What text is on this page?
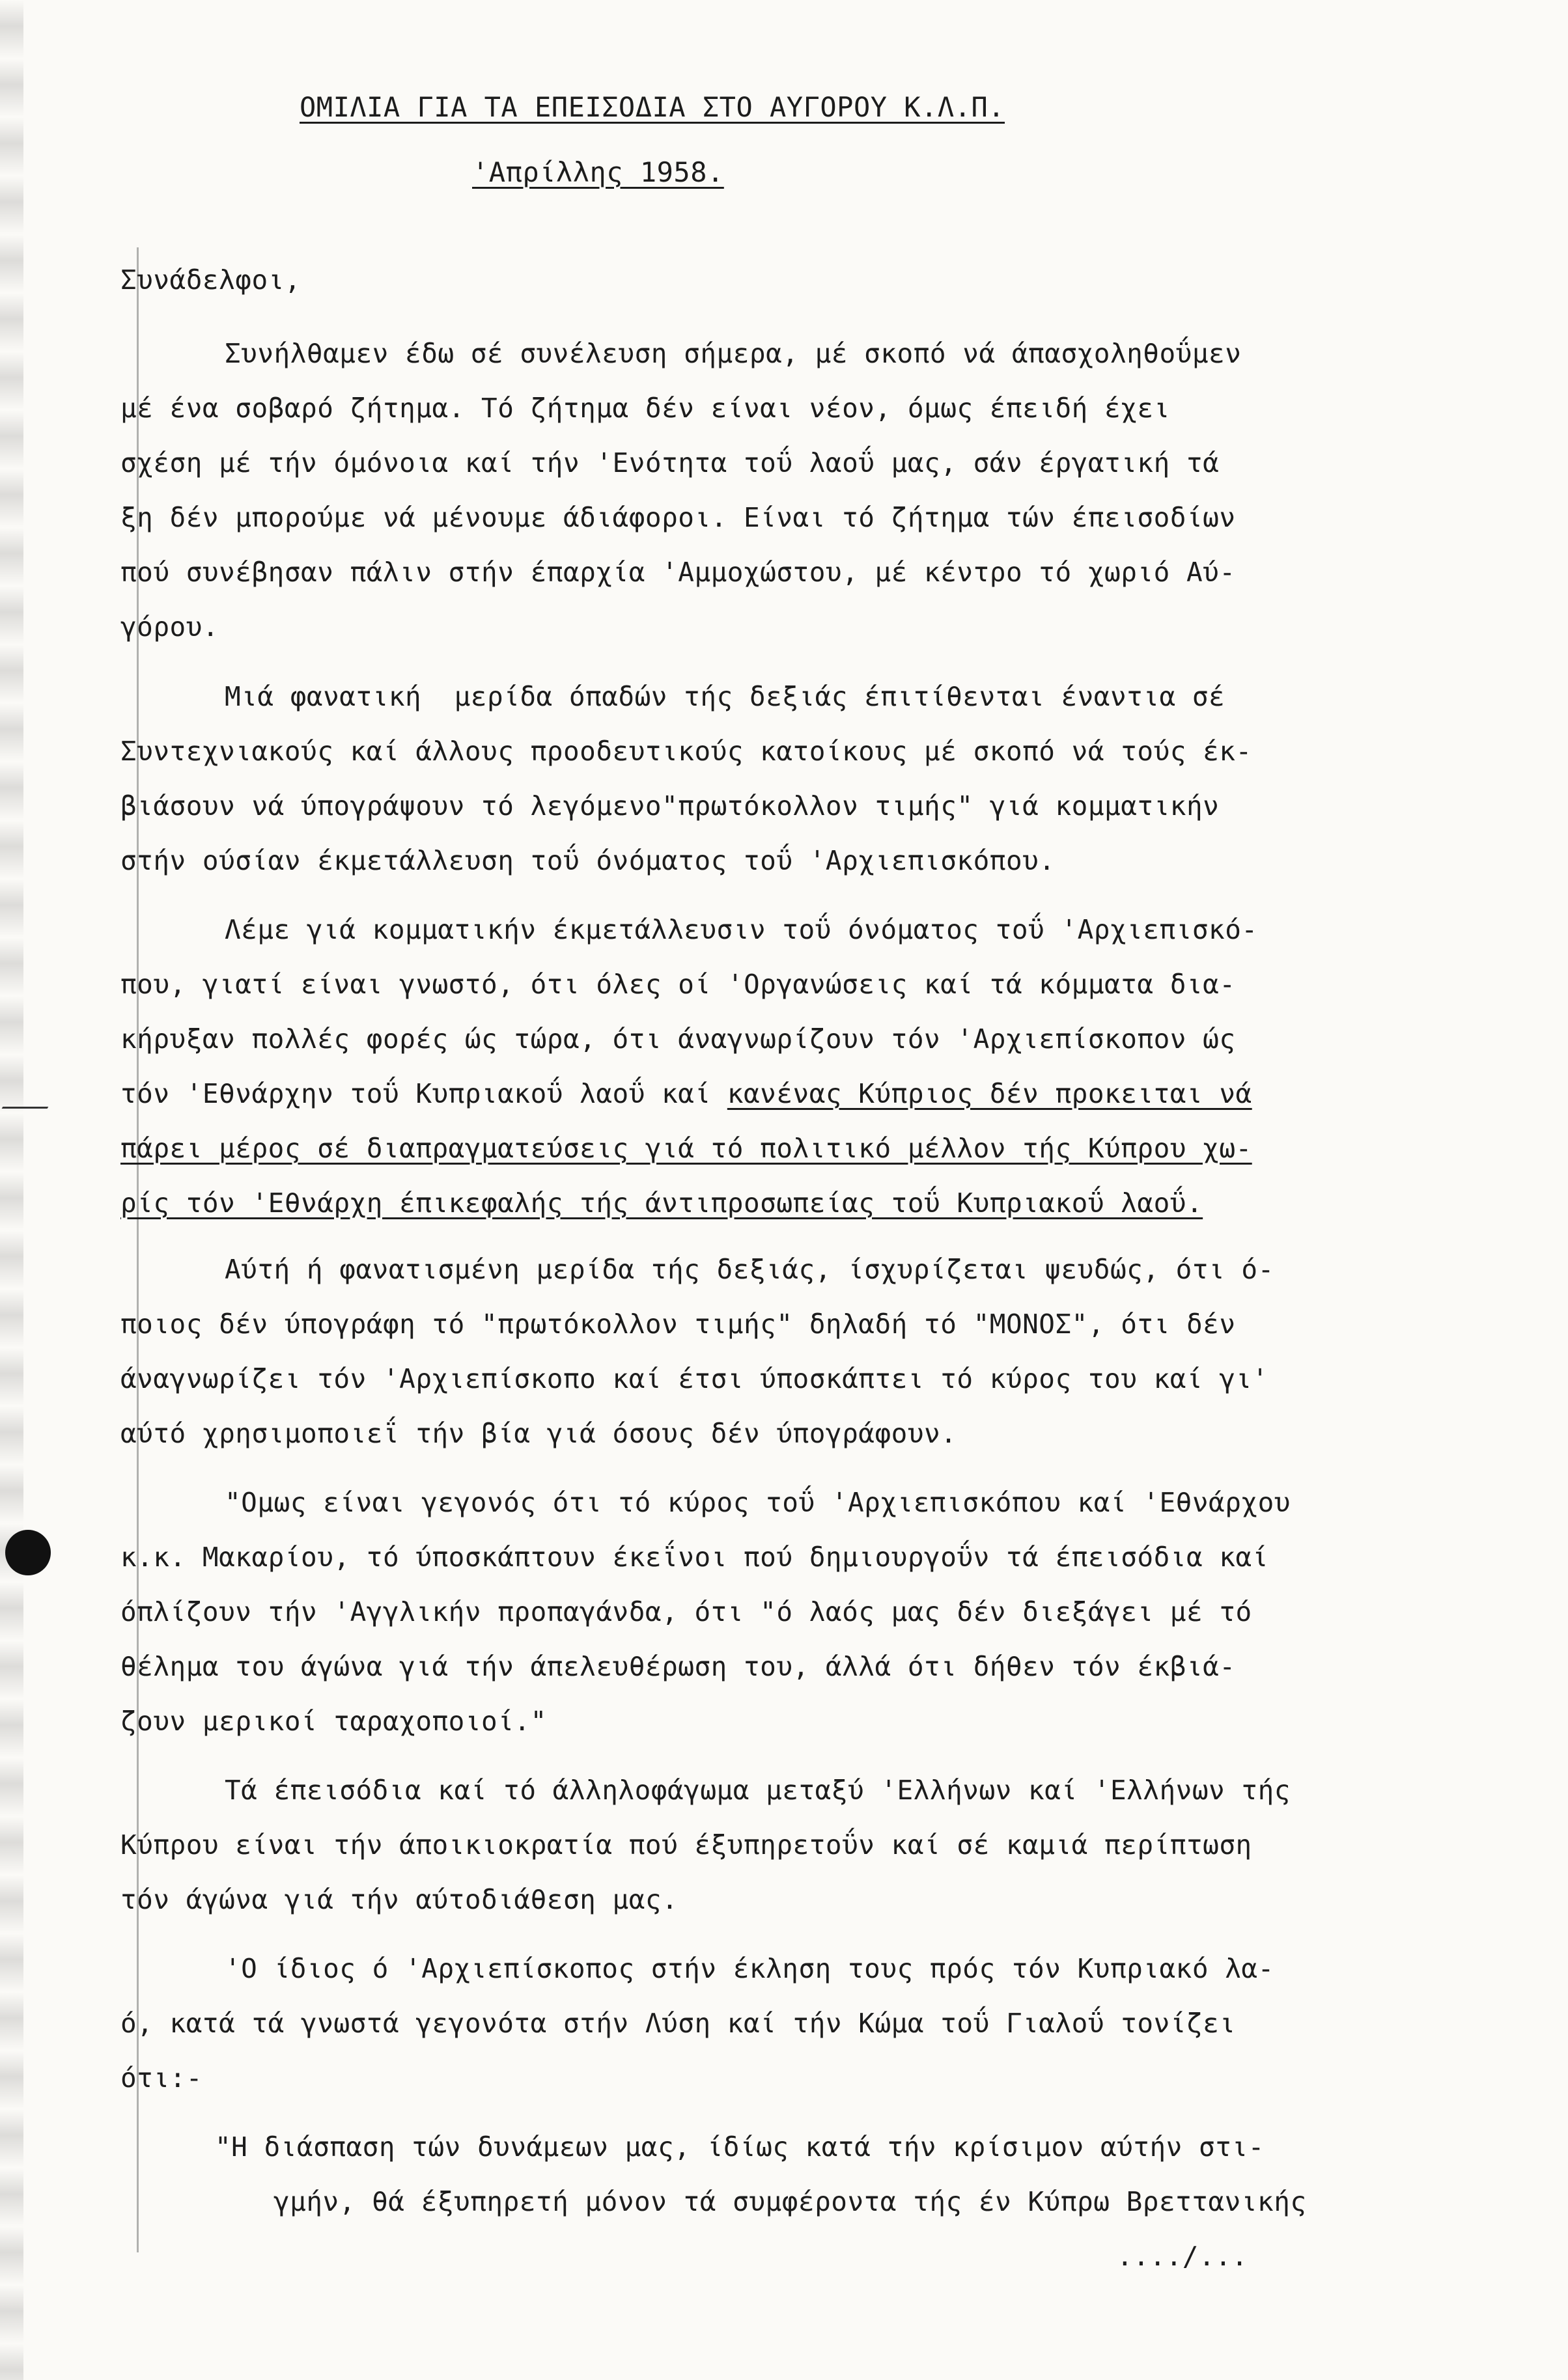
ΟΜΙΛΙΑ ΓΙΑ ΤΑ ΕΠΕΙΣΟΔΙΑ ΣΤΟ ΑΥΓΟΡΟΥ Κ.Λ.Π.
'Απρίλλης 1958.
Συνάδελφοι,
Συνήλθαμεν έδω σέ συνέλευση σήμερα, μέ σκοπό νά άπασχοληθοΰμεν
μέ ένα σοβαρό ζήτημα. Τό ζήτημα δέν είναι νέον, όμως έπειδή έχει
σχέση μέ τήν όμόνοια καί τήν 'Ενότητα τοΰ λαοΰ μας, σάν έργατική τά
ξη δέν μπορούμε νά μένουμε άδιάφοροι. Είναι τό ζήτημα τών έπεισοδίων
πού συνέβησαν πάλιν στήν έπαρχία 'Αμμοχώστου, μέ κέντρο τό χωριό Αύ-
γόρου.
Μιά φανατική  μερίδα όπαδών τής δεξιάς έπιτίθενται έναντια σέ
Συντεχνιακούς καί άλλους προοδευτικούς κατοίκους μέ σκοπό νά τούς έκ-
βιάσουν νά ύπογράψουν τό λεγόμενο"πρωτόκολλον τιμής" γιά κομματικήν
στήν ούσίαν έκμετάλλευση τοΰ όνόματος τοΰ 'Αρχιεπισκόπου.
Λέμε γιά κομματικήν έκμετάλλευσιν τοΰ όνόματος τοΰ 'Αρχιεπισκό-
που, γιατί είναι γνωστό, ότι όλες οί 'Οργανώσεις καί τά κόμματα δια-
κήρυξαν πολλές φορές ώς τώρα, ότι άναγνωρίζουν τόν 'Αρχιεπίσκοπον ώς
τόν 'Εθνάρχην τοΰ Κυπριακοΰ λαοΰ καί κανένας Κύπριος δέν προκειται νά
πάρει μέρος σέ διαπραγματεύσεις γιά τό πολιτικό μέλλον τής Κύπρου χω-
ρίς τόν 'Εθνάρχη έπικεφαλής τής άντιπροσωπείας τοΰ Κυπριακοΰ λαοΰ.
Αύτή ή φανατισμένη μερίδα τής δεξιάς, ίσχυρίζεται ψευδώς, ότι ό-
ποιος δέν ύπογράφη τό "πρωτόκολλον τιμής" δηλαδή τό "ΜΟΝΟΣ", ότι δέν
άναγνωρίζει τόν 'Αρχιεπίσκοπο καί έτσι ύποσκάπτει τό κύρος του καί γι'
αύτό χρησιμοποιεΐ τήν βία γιά όσους δέν ύπογράφουν.
"Ομως είναι γεγονός ότι τό κύρος τοΰ 'Αρχιεπισκόπου καί 'Εθνάρχου
κ.κ. Μακαρίου, τό ύποσκάπτουν έκεΐνοι πού δημιουργοΰν τά έπεισόδια καί
όπλίζουν τήν 'Αγγλικήν προπαγάνδα, ότι "ό λαός μας δέν διεξάγει μέ τό
θέλημα του άγώνα γιά τήν άπελευθέρωση του, άλλά ότι δήθεν τόν έκβιά-
ζουν μερικοί ταραχοποιοί."
Τά έπεισόδια καί τό άλληλοφάγωμα μεταξύ 'Ελλήνων καί 'Ελλήνων τής
Κύπρου είναι τήν άποικιοκρατία πού έξυπηρετοΰν καί σέ καμιά περίπτωση
τόν άγώνα γιά τήν αύτοδιάθεση μας.
'Ο ίδιος ό 'Αρχιεπίσκοπος στήν έκληση τους πρός τόν Κυπριακό λα-
ό, κατά τά γνωστά γεγονότα στήν Λύση καί τήν Κώμα τοΰ Γιαλοΰ τονίζει
ότι:-
"Η διάσπαση τών δυνάμεων μας, ίδίως κατά τήν κρίσιμον αύτήν στι-
γμήν, θά έξυπηρετή μόνον τά συμφέροντα τής έν Κύπρω Βρεττανικής
..../...
